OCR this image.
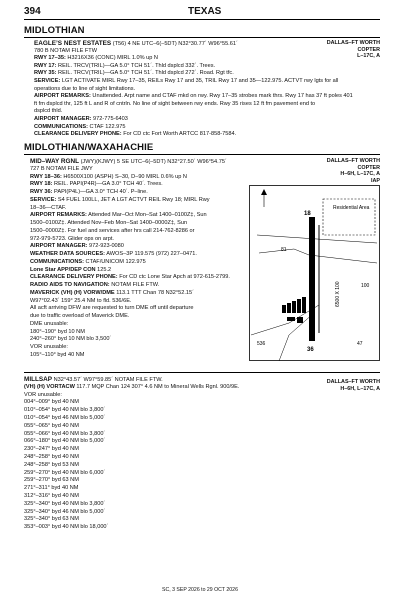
394	TEXAS
MIDLOTHIAN
EAGLE’S NEST ESTATES (T56) 4 NE UTC–6(–5DT) N32°30.77´ W96°55.61´
780 B NOTAM FILE FTW
RWY 17–35: H3216X36 (CONC) MIRL 1.0% up N
RWY 17: REIL. TRCV(TRIL)—GA 5.0° TCH 51´. Thld dsplcd 332´. Trees.
RWY 35: REIL. TRCV(TRIL)—GA 5.0° TCH 51´. Thld dsplcd 272´. Road. Rgt tfc.
SERVICE: LGT ACTIVATE MIRL Rwy 17–35, REILs Rwy 17 and 35, TRIL Rwy 17 and 35—122.975. ACTVT rwy lgts for all
operations due to line of sight limitations.
AIRPORT REMARKS: Unattended. Arpt name and CTAF mkd on rwy. Rwy 17–35 strobes mark thrs. Rwy 17 has 37 ft poles 401
ft fm dsplcd thr, 125 ft L and R of cntrln. No line of sight between rwy ends. Rwy 35 rises 12 ft fm pavement end to
dsplcd thld.
AIRPORT MANAGER: 972-775-6403
COMMUNICATIONS: CTAF 122.975
CLEARANCE DELIVERY PHONE: For CD ctc Fort Worth ARTCC 817-858-7584.
DALLAS–FT WORTH
COPTER
L–17C, A
MIDLOTHIAN/WAXAHACHIE
MID–WAY RGNL (JWY)(KJWY) 5 SE UTC–6(–5DT) N32°27.50´ W96°54.75´
727 B NOTAM FILE JWY
RWY 18–36: H6500X100 (ASPH) S–30, D–90 MIRL 0.6% up N
RWY 18: REIL. PAPI(P4R)—GA 3.0° TCH 40´. Trees.
RWY 36: PAPI(P4L)—GA 3.0° TCH 40´. P–line.
SERVICE: S4 FUEL 100LL, JET A LGT ACTVT REIL Rwy 18; MIRL Rwy
18–36—CTAF.
AIRPORT REMARKS: Attended Mar–Oct Mon–Sat 1400–0100Z‡, Sun
1500–0100Z‡. Attended Nov–Feb Mon–Sat 1400–0000Z‡, Sun
1500–0000Z‡. For fuel and services after hrs call 214-762-8286 or
972-979-5723. Glider ops on arpt.
AIRPORT MANAGER: 972-923-0080
WEATHER DATA SOURCES: AWOS–3P 119.575 (972) 227–0471.
COMMUNICATIONS: CTAF/UNICOM 122.975
Lone Star APP/DEP CON 125.2
CLEARANCE DELIVERY PHONE: For CD ctc Lone Star Apch at 972-615-2799.
RADIO AIDS TO NAVIGATION: NOTAM FILE FTW.
MAVERICK (VH) (H) VORW/DME 113.1 TTT Chan 78 N32°52.15´
W97°02.43´ 159° 25.4 NM to fld. 536/6E.
All acft arriving DFW are requested to turn DME off until departure
due to traffic overload of Maverick DME.
DME unusable:
180°–190° byd 10 NM
240°–260° byd 10 NM blo 3,500´
VOR unusable:
105°–110° byd 40 NM
DALLAS–FT WORTH
COPTER
H–6H, L–17C, A
IAP
Residential Area
18
36
6500 X 100
81
100
47
536
MILLSAP N32°43.57´ W97°59.85´ NOTAM FILE FTW.
(VH) (H) VORTACW 117.7 MQP Chan 124 307° 4.6 NM to Mineral Wells Rgnl. 900/9E.
VOR unusable:
004°–009° byd 40 NM
010°–054° byd 40 NM blo 3,800´
010°–054° byd 46 NM blo 5,000´
055°–065° byd 40 NM
055°–066° byd 40 NM blo 3,800´
066°–180° byd 40 NM blo 5,000´
230°–247° byd 40 NM
248°–258° byd 40 NM
248°–258° byd 53 NM
259°–270° byd 40 NM blo 6,000´
259°–270° byd 63 NM
271°–311° byd 40 NM
312°–316° byd 40 NM
325°–340° byd 40 NM blo 3,800´
325°–340° byd 46 NM blo 5,000´
325°–340° byd 63 NM
353°–003° byd 40 NM blo 18,000´
DALLAS–FT WORTH
H–6H, L–17C, A
SC, 3 SEP 2026 to 29 OCT 2026
